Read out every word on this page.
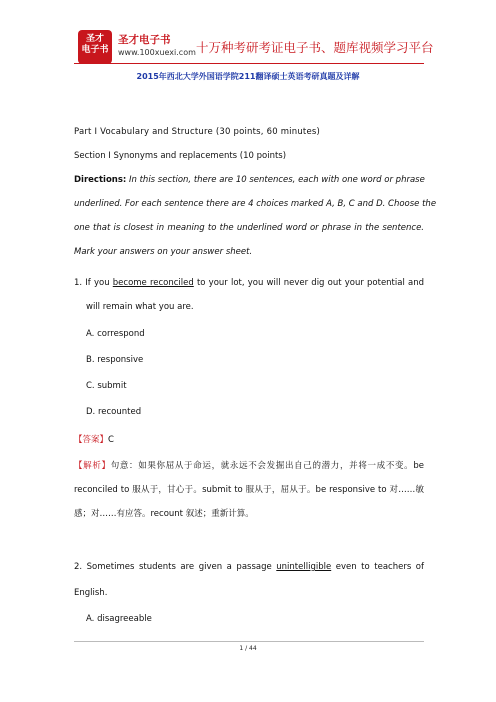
圣才
电子书
圣才电子书
www.100xuexi.com 十万种考研考证电子书、题库视频学习平台
2015年西北大学外国语学院211翻译硕士英语考研真题及详解
Part I Vocabulary and Structure (30 points, 60 minutes)
Section I Synonyms and replacements (10 points)
Directions: In this section, there are 10 sentences, each with one word or phrase
underlined. For each sentence there are 4 choices marked A, B, C and D. Choose the
one that is closest in meaning to the underlined word or phrase in the sentence.
Mark your answers on your answer sheet.
1. If you become reconciled to your lot, you will never dig out your potential and
will remain what you are.
A. correspond
B. responsive
C. submit
D. recounted
【答案】C
【解析】句意：如果你屈从于命运，就永远不会发掘出自己的潜力，并将一成不变。be
reconciled to 服从于，甘心于。submit to 服从于，屈从于。be responsive to 对……敏
感；对……有应答。recount 叙述；重新计算。
2. Sometimes students are given a passage unintelligible even to teachers of
English.
A. disagreeable
1 / 44
